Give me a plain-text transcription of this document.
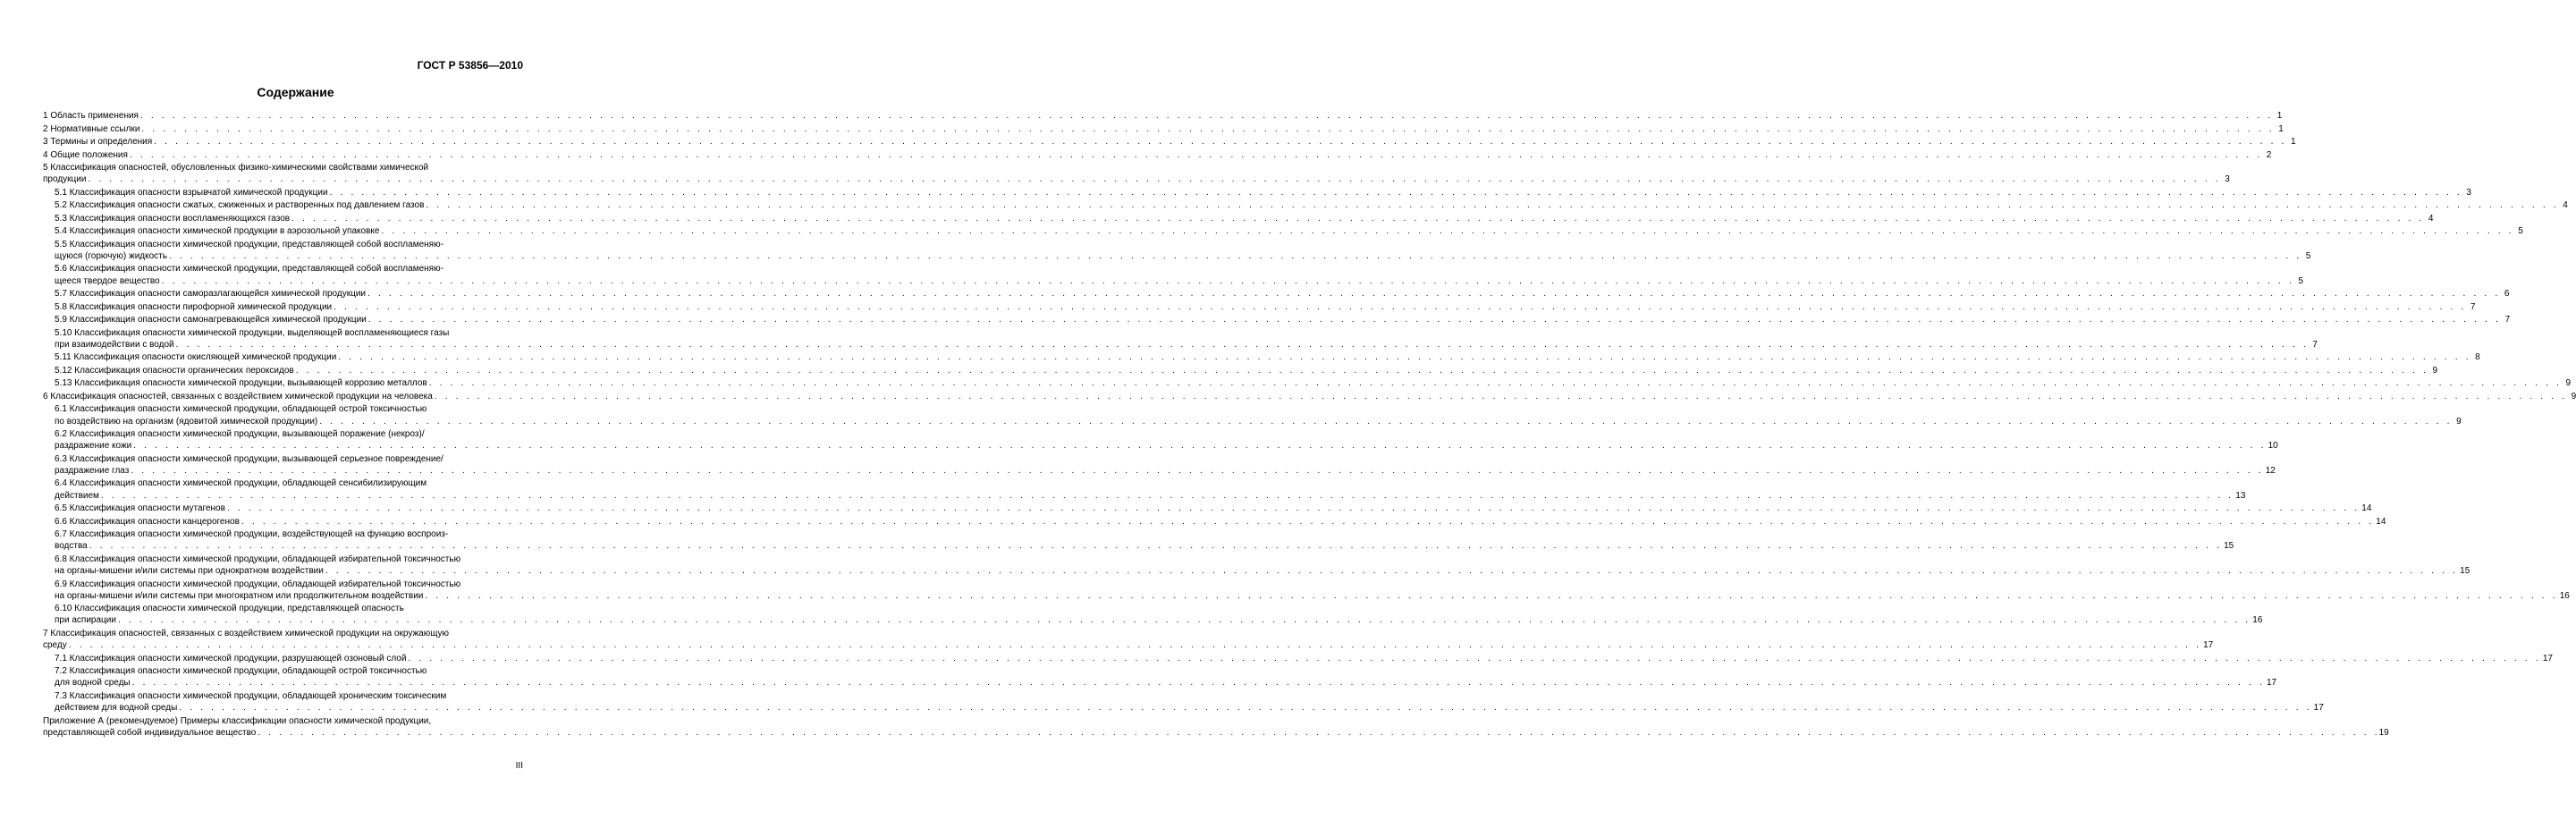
ГОСТ Р 53856—2010
Содержание
1 Область применения . . . . . . . . . . . . . . . . . . . . . . . . . . . . . . . . . . . . . . . . . . . . . . . . . . . . . . . . . . . . . . . . . . . . . . . . . . . . . . . . . . . . . . . . . . . . . . . . . . . . . . . . . . . . . . . . . . . . . . . . . . . . . . . . . . . . . . . . . . . . . . . . . . . . . . . . . . . . . . . . . . . . . . . . . . . . . . . . . . . . . . . . . . . . . . . . . . . . . . . . 1
2 Нормативные ссылки . . . . . . . . . . . . . . . . . . . . . . . . . . . . . . . . . . . . . . . . . . . . . . . . . . . . . . . . . . . . . . . . . . . . . . . . . . . . . . . . . . . . . . . . . . . . . . . . . . . . . . . . . . . . . . . . . . . . . . . . . . . . . . . . . . . . . . . . . . . . . . . . . . . . . . . . . . . . . . . . . . . . . . . . . . . . . . . . . . . . . . . . . . . . . . . . . . . . . . . . 1
3 Термины и определения . . . . . . . . . . . . . . . . . . . . . . . . . . . . . . . . . . . . . . . . . . . . . . . . . . . . . . . . . . . . . . . . . . . . . . . . . . . . . . . . . . . . . . . . . . . . . . . . . . . . . . . . . . . . . . . . . . . . . . . . . . . . . . . . . . . . . . . . . . . . . . . . . . . . . . . . . . . . . . . . . . . . . . . . . . . . . . . . . . . . . . . . . . . . . . . . . . . . . . . . 1
4 Общие положения . . . . . . . . . . . . . . . . . . . . . . . . . . . . . . . . . . . . . . . . . . . . . . . . . . . . . . . . . . . . . . . . . . . . . . . . . . . . . . . . . . . . . . . . . . . . . . . . . . . . . . . . . . . . . . . . . . . . . . . . . . . . . . . . . . . . . . . . . . . . . . . . . . . . . . . . . . . . . . . . . . . . . . . . . . . . . . . . . . . . . . . . . . . . . . . . . . . . . . . . 2
5 Классификация опасностей, обусловленных физико-химическими свойствами химической
продукции . . . . . . . . . . . . . . . . . . . . . . . . . . . . . . . . . . . . . . . . . . . . . . . . . . . . . . . . . . . . . . . . . . . . . . . . . . . . . . . . . . . . . . . . . . . . . . . . . . . . . . . . . . . . . . . . . . . . . . . . . . . . . . . . . . . . . . . . . . . . . . . . . . . . . . . . . . . . . . . . . . . . . . . . . . . . . . . . . . . . . . . . . . . . . . . . . . . . . . . . 3
5.1 Классификация опасности взрывчатой химической продукции . . . . . . . . . . . . . . . . . . . . . . . . . . . . . . . . . . . . . . . . . . . . . . . . . . . . . . . . . . . . . . . . . . . . . . . . . . . . . . . . . . . . . . . . . . . . . . . . . . . . . . . . . . . . . . . . . . . . . . . . . . . . . . . . . . . . . . . . . . . . . . . . . . . . . . . . . . . . . . . . . . . . . . . . . . . . . . . . . . . . . . . . . . . . . . . . . . . . . . . . 3
5.2 Классификация опасности сжатых, сжиженных и растворенных под давлением газов . . . . . . . . . . . . . . . . . . . . . . . . . . . . . . . . . . . . . . . . . . . . . . . . . . . . . . . . . . . . . . . . . . . . . . . . . . . . . . . . . . . . . . . . . . . . . . . . . . . . . . . . . . . . . . . . . . . . . . . . . . . . . . . . . . . . . . . . . . . . . . . . . . . . . . . . . . . . . . . . . . . . . . . . . . . . . . . . . . . . . . . . . . . . . . . . . . . . . . . . 4
5.3 Классификация опасности воспламеняющихся газов . . . . . . . . . . . . . . . . . . . . . . . . . . . . . . . . . . . . . . . . . . . . . . . . . . . . . . . . . . . . . . . . . . . . . . . . . . . . . . . . . . . . . . . . . . . . . . . . . . . . . . . . . . . . . . . . . . . . . . . . . . . . . . . . . . . . . . . . . . . . . . . . . . . . . . . . . . . . . . . . . . . . . . . . . . . . . . . . . . . . . . . . . . . . . . . . . . . . . . . . 4
5.4 Классификация опасности химической продукции в аэрозольной упаковке . . . . . . . . . . . . . . . . . . . . . . . . . . . . . . . . . . . . . . . . . . . . . . . . . . . . . . . . . . . . . . . . . . . . . . . . . . . . . . . . . . . . . . . . . . . . . . . . . . . . . . . . . . . . . . . . . . . . . . . . . . . . . . . . . . . . . . . . . . . . . . . . . . . . . . . . . . . . . . . . . . . . . . . . . . . . . . . . . . . . . . . . . . . . . . . . . . . . . . . . 5
5.5 Классификация опасности химической продукции, представляющей собой воспламеняю-
щуюся (горючую) жидкость . . . . . . . . . . . . . . . . . . . . . . . . . . . . . . . . . . . . . . . . . . . . . . . . . . . . . . . . . . . . . . . . . . . . . . . . . . . . . . . . . . . . . . . . . . . . . . . . . . . . . . . . . . . . . . . . . . . . . . . . . . . . . . . . . . . . . . . . . . . . . . . . . . . . . . . . . . . . . . . . . . . . . . . . . . . . . . . . . . . . . . . . . . . . . . . . . . . . . . . . 5
5.6 Классификация опасности химической продукции, представляющей собой воспламеняю-
щееся твердое вещество . . . . . . . . . . . . . . . . . . . . . . . . . . . . . . . . . . . . . . . . . . . . . . . . . . . . . . . . . . . . . . . . . . . . . . . . . . . . . . . . . . . . . . . . . . . . . . . . . . . . . . . . . . . . . . . . . . . . . . . . . . . . . . . . . . . . . . . . . . . . . . . . . . . . . . . . . . . . . . . . . . . . . . . . . . . . . . . . . . . . . . . . . . . . . . . . . . . . . . . . 5
5.7 Классификация опасности саморазлагающейся химической продукции . . . . . . . . . . . . . . . . . . . . . . . . . . . . . . . . . . . . . . . . . . . . . . . . . . . . . . . . . . . . . . . . . . . . . . . . . . . . . . . . . . . . . . . . . . . . . . . . . . . . . . . . . . . . . . . . . . . . . . . . . . . . . . . . . . . . . . . . . . . . . . . . . . . . . . . . . . . . . . . . . . . . . . . . . . . . . . . . . . . . . . . . . . . . . . . . . . . . . . . . 6
5.8 Классификация опасности пирофорной химической продукции . . . . . . . . . . . . . . . . . . . . . . . . . . . . . . . . . . . . . . . . . . . . . . . . . . . . . . . . . . . . . . . . . . . . . . . . . . . . . . . . . . . . . . . . . . . . . . . . . . . . . . . . . . . . . . . . . . . . . . . . . . . . . . . . . . . . . . . . . . . . . . . . . . . . . . . . . . . . . . . . . . . . . . . . . . . . . . . . . . . . . . . . . . . . . . . . . . . . . . . . 7
5.9 Классификация опасности самонагревающейся химической продукции . . . . . . . . . . . . . . . . . . . . . . . . . . . . . . . . . . . . . . . . . . . . . . . . . . . . . . . . . . . . . . . . . . . . . . . . . . . . . . . . . . . . . . . . . . . . . . . . . . . . . . . . . . . . . . . . . . . . . . . . . . . . . . . . . . . . . . . . . . . . . . . . . . . . . . . . . . . . . . . . . . . . . . . . . . . . . . . . . . . . . . . . . . . . . . . . . . . . . . . . 7
5.10 Классификация опасности химической продукции, выделяющей воспламеняющиеся газы
при взаимодействии с водой . . . . . . . . . . . . . . . . . . . . . . . . . . . . . . . . . . . . . . . . . . . . . . . . . . . . . . . . . . . . . . . . . . . . . . . . . . . . . . . . . . . . . . . . . . . . . . . . . . . . . . . . . . . . . . . . . . . . . . . . . . . . . . . . . . . . . . . . . . . . . . . . . . . . . . . . . . . . . . . . . . . . . . . . . . . . . . . . . . . . . . . . . . . . . . . . . . . . . . . . 7
5.11 Классификация опасности окисляющей химической продукции . . . . . . . . . . . . . . . . . . . . . . . . . . . . . . . . . . . . . . . . . . . . . . . . . . . . . . . . . . . . . . . . . . . . . . . . . . . . . . . . . . . . . . . . . . . . . . . . . . . . . . . . . . . . . . . . . . . . . . . . . . . . . . . . . . . . . . . . . . . . . . . . . . . . . . . . . . . . . . . . . . . . . . . . . . . . . . . . . . . . . . . . . . . . . . . . . . . . . . . . 8
5.12 Классификация опасности органических пероксидов . . . . . . . . . . . . . . . . . . . . . . . . . . . . . . . . . . . . . . . . . . . . . . . . . . . . . . . . . . . . . . . . . . . . . . . . . . . . . . . . . . . . . . . . . . . . . . . . . . . . . . . . . . . . . . . . . . . . . . . . . . . . . . . . . . . . . . . . . . . . . . . . . . . . . . . . . . . . . . . . . . . . . . . . . . . . . . . . . . . . . . . . . . . . . . . . . . . . . . . . 9
5.13 Классификация опасности химической продукции, вызывающей коррозию металлов . . . . . . . . . . . . . . . . . . . . . . . . . . . . . . . . . . . . . . . . . . . . . . . . . . . . . . . . . . . . . . . . . . . . . . . . . . . . . . . . . . . . . . . . . . . . . . . . . . . . . . . . . . . . . . . . . . . . . . . . . . . . . . . . . . . . . . . . . . . . . . . . . . . . . . . . . . . . . . . . . . . . . . . . . . . . . . . . . . . . . . . . . . . . . . . . . . . . . . . . 9
6 Классификация опасностей, связанных с воздействием химической продукции на человека . . . . . . . . . . . . . . . . . . . . . . . . . . . . . . . . . . . . . . . . . . . . . . . . . . . . . . . . . . . . . . . . . . . . . . . . . . . . . . . . . . . . . . . . . . . . . . . . . . . . . . . . . . . . . . . . . . . . . . . . . . . . . . . . . . . . . . . . . . . . . . . . . . . . . . . . . . . . . . . . . . . . . . . . . . . . . . . . . . . . . . . . . . . . . . . . . . . . . . . . 9
6.1 Классификация опасности химической продукции, обладающей острой токсичностью
по воздействию на организм (ядовитой химической продукции) . . . . . . . . . . . . . . . . . . . . . . . . . . . . . . . . . . . . . . . . . . . . . . . . . . . . . . . . . . . . . . . . . . . . . . . . . . . . . . . . . . . . . . . . . . . . . . . . . . . . . . . . . . . . . . . . . . . . . . . . . . . . . . . . . . . . . . . . . . . . . . . . . . . . . . . . . . . . . . . . . . . . . . . . . . . . . . . . . . . . . . . . . . . . . . . . . . . . . . . . 9
6.2 Классификация опасности химической продукции, вызывающей поражение (некроз)/
раздражение кожи . . . . . . . . . . . . . . . . . . . . . . . . . . . . . . . . . . . . . . . . . . . . . . . . . . . . . . . . . . . . . . . . . . . . . . . . . . . . . . . . . . . . . . . . . . . . . . . . . . . . . . . . . . . . . . . . . . . . . . . . . . . . . . . . . . . . . . . . . . . . . . . . . . . . . . . . . . . . . . . . . . . . . . . . . . . . . . . . . . . . . . . . . . . . . . . . . . . . . . . . 10
6.3 Классификация опасности химической продукции, вызывающей серьезное повреждение/
раздражение глаз . . . . . . . . . . . . . . . . . . . . . . . . . . . . . . . . . . . . . . . . . . . . . . . . . . . . . . . . . . . . . . . . . . . . . . . . . . . . . . . . . . . . . . . . . . . . . . . . . . . . . . . . . . . . . . . . . . . . . . . . . . . . . . . . . . . . . . . . . . . . . . . . . . . . . . . . . . . . . . . . . . . . . . . . . . . . . . . . . . . . . . . . . . . . . . . . . . . . . . . . 12
6.4 Классификация опасности химической продукции, обладающей сенсибилизирующим
действием . . . . . . . . . . . . . . . . . . . . . . . . . . . . . . . . . . . . . . . . . . . . . . . . . . . . . . . . . . . . . . . . . . . . . . . . . . . . . . . . . . . . . . . . . . . . . . . . . . . . . . . . . . . . . . . . . . . . . . . . . . . . . . . . . . . . . . . . . . . . . . . . . . . . . . . . . . . . . . . . . . . . . . . . . . . . . . . . . . . . . . . . . . . . . . . . . . . . . . . . 13
6.5 Классификация опасности мутагенов . . . . . . . . . . . . . . . . . . . . . . . . . . . . . . . . . . . . . . . . . . . . . . . . . . . . . . . . . . . . . . . . . . . . . . . . . . . . . . . . . . . . . . . . . . . . . . . . . . . . . . . . . . . . . . . . . . . . . . . . . . . . . . . . . . . . . . . . . . . . . . . . . . . . . . . . . . . . . . . . . . . . . . . . . . . . . . . . . . . . . . . . . . . . . . . . . . . . . . . . 14
6.6 Классификация опасности канцерогенов . . . . . . . . . . . . . . . . . . . . . . . . . . . . . . . . . . . . . . . . . . . . . . . . . . . . . . . . . . . . . . . . . . . . . . . . . . . . . . . . . . . . . . . . . . . . . . . . . . . . . . . . . . . . . . . . . . . . . . . . . . . . . . . . . . . . . . . . . . . . . . . . . . . . . . . . . . . . . . . . . . . . . . . . . . . . . . . . . . . . . . . . . . . . . . . . . . . . . . . . 14
6.7 Классификация опасности химической продукции, воздействующей на функцию воспроиз-
водства . . . . . . . . . . . . . . . . . . . . . . . . . . . . . . . . . . . . . . . . . . . . . . . . . . . . . . . . . . . . . . . . . . . . . . . . . . . . . . . . . . . . . . . . . . . . . . . . . . . . . . . . . . . . . . . . . . . . . . . . . . . . . . . . . . . . . . . . . . . . . . . . . . . . . . . . . . . . . . . . . . . . . . . . . . . . . . . . . . . . . . . . . . . . . . . . . . . . . . . . 15
6.8 Классификация опасности химической продукции, обладающей избирательной токсичностью
на органы-мишени и/или системы при однократном воздействии . . . . . . . . . . . . . . . . . . . . . . . . . . . . . . . . . . . . . . . . . . . . . . . . . . . . . . . . . . . . . . . . . . . . . . . . . . . . . . . . . . . . . . . . . . . . . . . . . . . . . . . . . . . . . . . . . . . . . . . . . . . . . . . . . . . . . . . . . . . . . . . . . . . . . . . . . . . . . . . . . . . . . . . . . . . . . . . . . . . . . . . . . . . . . . . . . . . . . . . . 15
6.9 Классификация опасности химической продукции, обладающей избирательной токсичностью
на органы-мишени и/или системы при многократном или продолжительном воздействии . . . . . . . . . . . . . . . . . . . . . . . . . . . . . . . . . . . . . . . . . . . . . . . . . . . . . . . . . . . . . . . . . . . . . . . . . . . . . . . . . . . . . . . . . . . . . . . . . . . . . . . . . . . . . . . . . . . . . . . . . . . . . . . . . . . . . . . . . . . . . . . . . . . . . . . . . . . . . . . . . . . . . . . . . . . . . . . . . . . . . . . . . . . . . . . . . . . . . . . . 16
6.10 Классификация опасности химической продукции, представляющей опасность
при аспирации . . . . . . . . . . . . . . . . . . . . . . . . . . . . . . . . . . . . . . . . . . . . . . . . . . . . . . . . . . . . . . . . . . . . . . . . . . . . . . . . . . . . . . . . . . . . . . . . . . . . . . . . . . . . . . . . . . . . . . . . . . . . . . . . . . . . . . . . . . . . . . . . . . . . . . . . . . . . . . . . . . . . . . . . . . . . . . . . . . . . . . . . . . . . . . . . . . . . . . . . 16
7 Классификация опасностей, связанных с воздействием химической продукции на окружающую
среду . . . . . . . . . . . . . . . . . . . . . . . . . . . . . . . . . . . . . . . . . . . . . . . . . . . . . . . . . . . . . . . . . . . . . . . . . . . . . . . . . . . . . . . . . . . . . . . . . . . . . . . . . . . . . . . . . . . . . . . . . . . . . . . . . . . . . . . . . . . . . . . . . . . . . . . . . . . . . . . . . . . . . . . . . . . . . . . . . . . . . . . . . . . . . . . . . . . . . . . . 17
7.1 Классификация опасности химической продукции, разрушающей озоновый слой . . . . . . . . . . . . . . . . . . . . . . . . . . . . . . . . . . . . . . . . . . . . . . . . . . . . . . . . . . . . . . . . . . . . . . . . . . . . . . . . . . . . . . . . . . . . . . . . . . . . . . . . . . . . . . . . . . . . . . . . . . . . . . . . . . . . . . . . . . . . . . . . . . . . . . . . . . . . . . . . . . . . . . . . . . . . . . . . . . . . . . . . . . . . . . . . . . . . . . . . 17
7.2 Классификация опасности химической продукции, обладающей острой токсичностью
для водной среды . . . . . . . . . . . . . . . . . . . . . . . . . . . . . . . . . . . . . . . . . . . . . . . . . . . . . . . . . . . . . . . . . . . . . . . . . . . . . . . . . . . . . . . . . . . . . . . . . . . . . . . . . . . . . . . . . . . . . . . . . . . . . . . . . . . . . . . . . . . . . . . . . . . . . . . . . . . . . . . . . . . . . . . . . . . . . . . . . . . . . . . . . . . . . . . . . . . . . . . . 17
7.3 Классификация опасности химической продукции, обладающей хроническим токсическим
действием для водной среды . . . . . . . . . . . . . . . . . . . . . . . . . . . . . . . . . . . . . . . . . . . . . . . . . . . . . . . . . . . . . . . . . . . . . . . . . . . . . . . . . . . . . . . . . . . . . . . . . . . . . . . . . . . . . . . . . . . . . . . . . . . . . . . . . . . . . . . . . . . . . . . . . . . . . . . . . . . . . . . . . . . . . . . . . . . . . . . . . . . . . . . . . . . . . . . . . . . . . . . . 17
Приложение А (рекомендуемое) Примеры классификации опасности химической продукции,
представляющей собой индивидуальное вещество
. . . . . . . . . . . . . . . . . . . . . . . . . . . . . . . . . . . . . . . . . . . . . . . . . . . . . . . . . . . . . . . . . . . . . . . . . . . . . . . . . . . . . . . . . . . . . . . . . . . . . . . . . . . . . . . . . . . . . . . . . . . . . . . . . . . . . . . . . . . . . . . . . . . . . . . . . . . . . . . . . . . . . . . . . . . . . . . . . . . . . . . . . . . . . . . . . . . . . . . .
19
III
